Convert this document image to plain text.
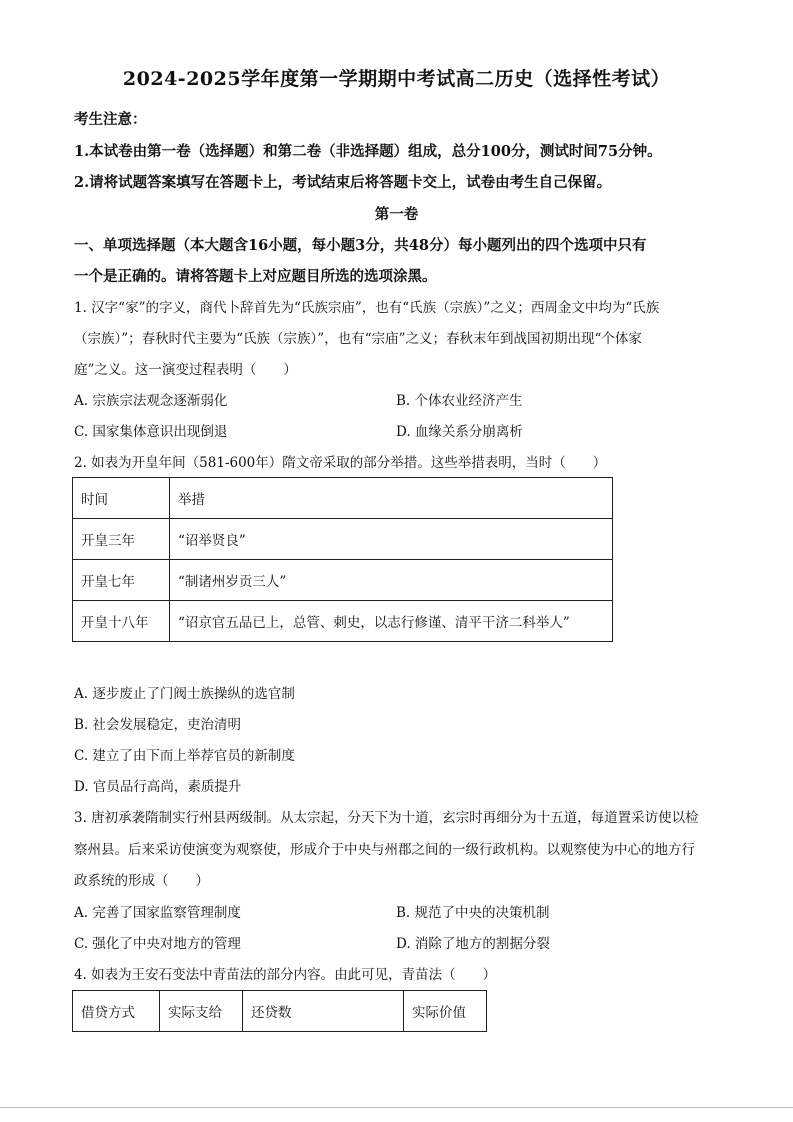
2024-2025学年度第一学期期中考试高二历史（选择性考试）
考生注意：
1.本试卷由第一卷（选择题）和第二卷（非选择题）组成，总分100分，测试时间75分钟。
2.请将试题答案填写在答题卡上，考试结束后将答题卡交上，试卷由考生自己保留。
第一卷
一、单项选择题（本大题含16小题，每小题3分，共48分）每小题列出的四个选项中只有
一个是正确的。请将答题卡上对应题目所选的选项涂黑。
1. 汉字“家”的字义，商代卜辞首先为“氏族宗庙”，也有“氏族（宗族）”之义；西周金文中均为“氏族
（宗族）”；春秋时代主要为“氏族（宗族）”，也有“宗庙”之义；春秋末年到战国初期出现“个体家
庭”之义。这一演变过程表明（　　）
A. 宗族宗法观念逐渐弱化	B. 个体农业经济产生
C. 国家集体意识出现倒退	D. 血缘关系分崩离析
2. 如表为开皇年间（581-600年）隋文帝采取的部分举措。这些举措表明，当时（　　）
时间	举措
开皇三年	“诏举贤良”
开皇七年	“制诸州岁贡三人”
开皇十八年	“诏京官五品已上，总管、刺史，以志行修谨、清平干济二科举人”
A. 逐步废止了门阀士族操纵的选官制
B. 社会发展稳定，吏治清明
C. 建立了由下而上举荐官员的新制度
D. 官员品行高尚，素质提升
3. 唐初承袭隋制实行州县两级制。从太宗起，分天下为十道，玄宗时再细分为十五道，每道置采访使以检
察州县。后来采访使演变为观察使，形成介于中央与州郡之间的一级行政机构。以观察使为中心的地方行
政系统的形成（　　）
A. 完善了国家监察管理制度	B. 规范了中央的决策机制
C. 强化了中央对地方的管理	D. 消除了地方的割据分裂
4. 如表为王安石变法中青苗法的部分内容。由此可见，青苗法（　　）
借贷方式	实际支给	还贷数	实际价值
